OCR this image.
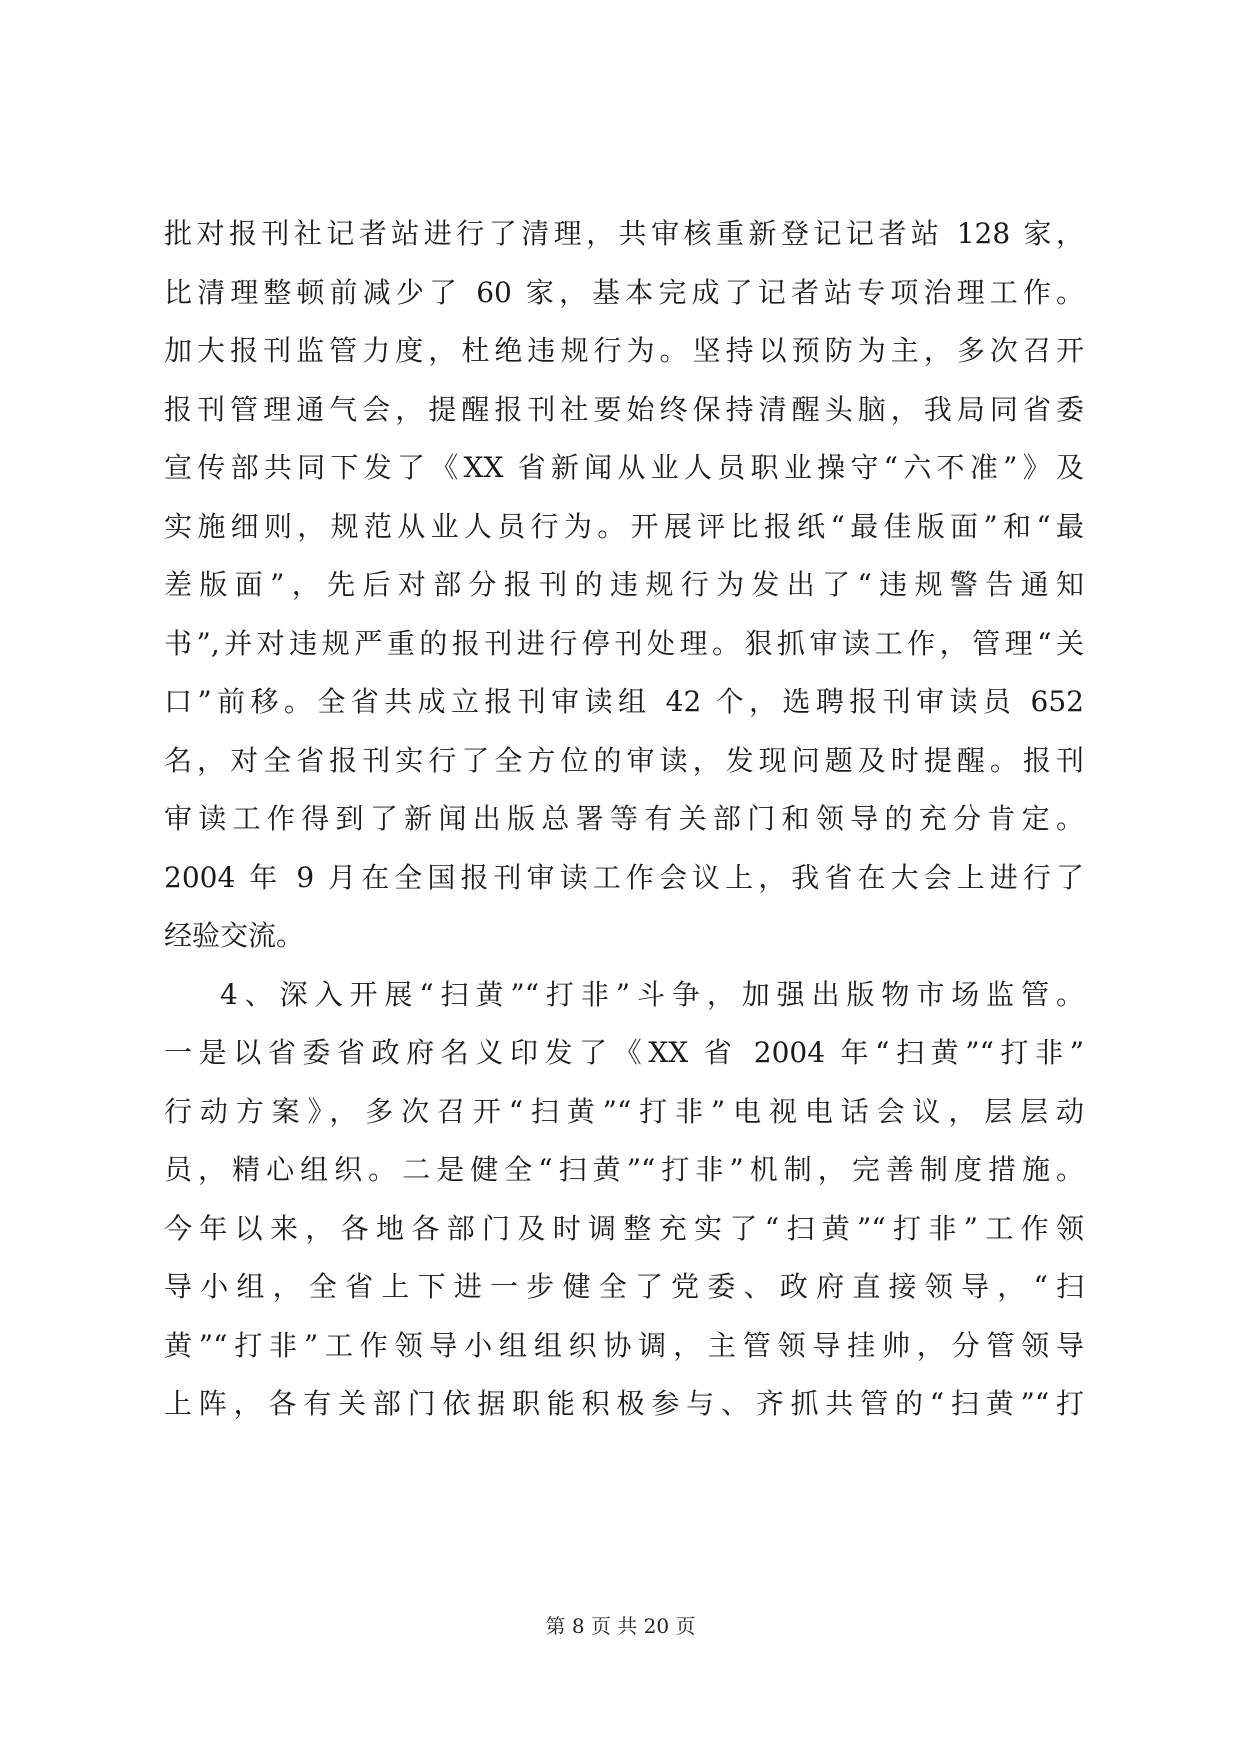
批对报刊社记者站进行了清理，共审核重新登记记者站 128 家，
比清理整顿前减少了 60 家，基本完成了记者站专项治理工作。
加大报刊监管力度，杜绝违规行为。坚持以预防为主，多次召开
报刊管理通气会，提醒报刊社要始终保持清醒头脑，我局同省委
宣传部共同下发了《XX 省新闻从业人员职业操守“六不准”》及
实施细则，规范从业人员行为。开展评比报纸“最佳版面”和“最
差版面”，先后对部分报刊的违规行为发出了“违规警告通知
书”,并对违规严重的报刊进行停刊处理。狠抓审读工作，管理“关
口”前移。全省共成立报刊审读组 42 个，选聘报刊审读员 652
名，对全省报刊实行了全方位的审读，发现问题及时提醒。报刊
审读工作得到了新闻出版总署等有关部门和领导的充分肯定。
2004 年 9 月在全国报刊审读工作会议上，我省在大会上进行了
经验交流。
4、深入开展“扫黄”“打非”斗争，加强出版物市场监管。
一是以省委省政府名义印发了《XX 省 2004 年“扫黄”“打非”
行动方案》，多次召开“扫黄”“打非”电视电话会议，层层动
员，精心组织。二是健全“扫黄”“打非”机制，完善制度措施。
今年以来，各地各部门及时调整充实了“扫黄”“打非”工作领
导小组，全省上下进一步健全了党委、政府直接领导，“扫
黄”“打非”工作领导小组组织协调，主管领导挂帅，分管领导
上阵，各有关部门依据职能积极参与、齐抓共管的“扫黄”“打
第 8 页 共 20 页
